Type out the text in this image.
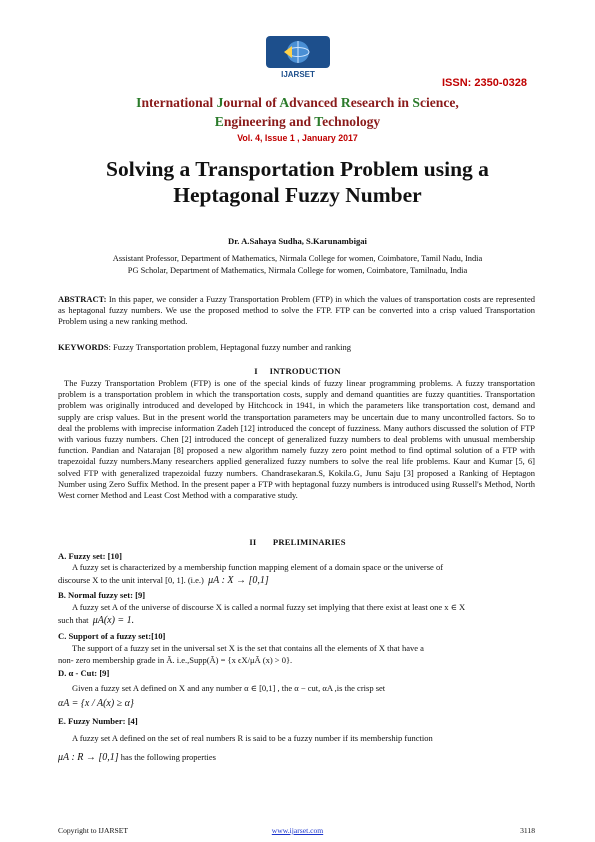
IJARSET
ISSN: 2350-0328
International Journal of Advanced Research in Science,
Engineering and Technology
Vol. 4, Issue 1 , January 2017
Solving a Transportation Problem using a
Heptagonal Fuzzy Number
Dr. A.Sahaya Sudha, S.Karunambigai
Assistant Professor, Department of Mathematics, Nirmala College for women, Coimbatore, Tamil Nadu, India
PG Scholar, Department of Mathematics, Nirmala College for women, Coimbatore, Tamilnadu, India
ABSTRACT: In this paper, we consider a Fuzzy Transportation Problem (FTP) in which the values of transportation costs are represented as heptagonal fuzzy numbers. We use the proposed method to solve the FTP. FTP can be converted into a crisp valued Transportation Problem using a new ranking method.
KEYWORDS: Fuzzy Transportation problem, Heptagonal fuzzy number and ranking
I INTRODUCTION
The Fuzzy Transportation Problem (FTP) is one of the special kinds of fuzzy linear programming problems. A fuzzy transportation problem is a transportation problem in which the transportation costs, supply and demand quantities are fuzzy quantities. Transportation problem was originally introduced and developed by Hitchcock in 1941, in which the parameters like transportation cost, demand and supply are crisp values. But in the present world the transportation parameters may be uncertain due to many uncontrolled factors. So to deal the problems with imprecise information Zadeh [12] introduced the concept of fuzziness. Many authors discussed the solution of FTP with various fuzzy numbers. Chen [2] introduced the concept of generalized fuzzy numbers to deal problems with unusual membership function. Pandian and Natarajan [8] proposed a new algorithm namely fuzzy zero point method to find optimal solution of a FTP with trapezoidal fuzzy numbers.Many researchers applied generalized fuzzy numbers to solve the real life problems. Kaur and Kumar [5, 6] solved FTP with generalized trapezoidal fuzzy numbers. Chandrasekaran.S, Kokila.G, Junu Saju [3] proposed a Ranking of Heptagon Number using Zero Suffix Method. In the present paper a FTP with heptagonal fuzzy numbers is introduced using Russell's Method, North West corner Method and Least Cost Method with a comparative study.
II PRELIMINARIES
A. Fuzzy set: [10]
A fuzzy set is characterized by a membership function mapping element of a domain space or the universe of
discourse X to the unit interval [0, 1]. (i.e.) μA : X → [0,1]
B. Normal fuzzy set: [9]
A fuzzy set A of the universe of discourse X is called a normal fuzzy set implying that there exist at least one x ∈ X
such that μA(x) = 1.
C. Support of a fuzzy set:[10]
The support of a fuzzy set in the universal set X is the set that contains all the elements of X that have a
non- zero membership grade in Ã. i.e.,Supp(Ã) = {x ϵX/μÃ (x) > 0}.
D. α - Cut: [9]
Given a fuzzy set A defined on X and any number α ∈ [0,1] , the α − cut, αA ,is the crisp set
αA = {x / A(x) ≥ α}
E. Fuzzy Number: [4]
A fuzzy set A defined on the set of real numbers R is said to be a fuzzy number if its membership function
μA : R → [0,1] has the following properties
Copyright to IJARSET	www.ijarset.com	3118
